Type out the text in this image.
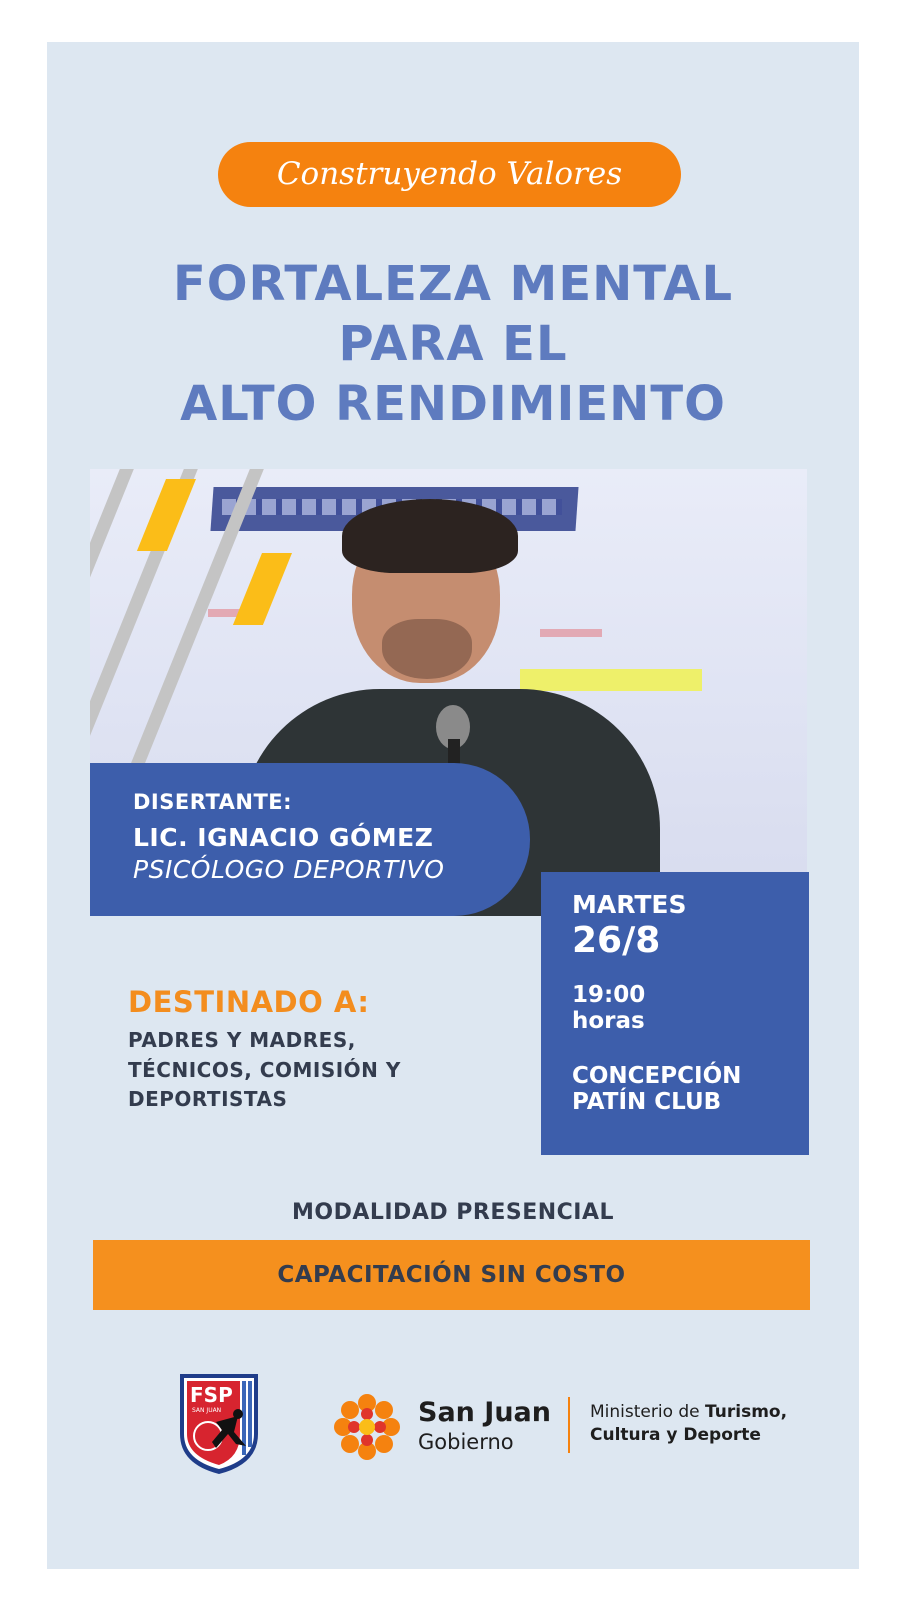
Construyendo Valores
FORTALEZA MENTAL
PARA EL
ALTO RENDIMIENTO
DISERTANTE:
LIC. IGNACIO GÓMEZ
PSICÓLOGO DEPORTIVO
MARTES
26/8
19:00
horas
CONCEPCIÓN
PATÍN CLUB
DESTINADO A:
PADRES Y MADRES,
TÉCNICOS, COMISIÓN Y
DEPORTISTAS
MODALIDAD PRESENCIAL
CAPACITACIÓN SIN COSTO
FSP
SAN JUAN	San Juan
Gobierno
Ministerio de Turismo,
Cultura y Deporte
